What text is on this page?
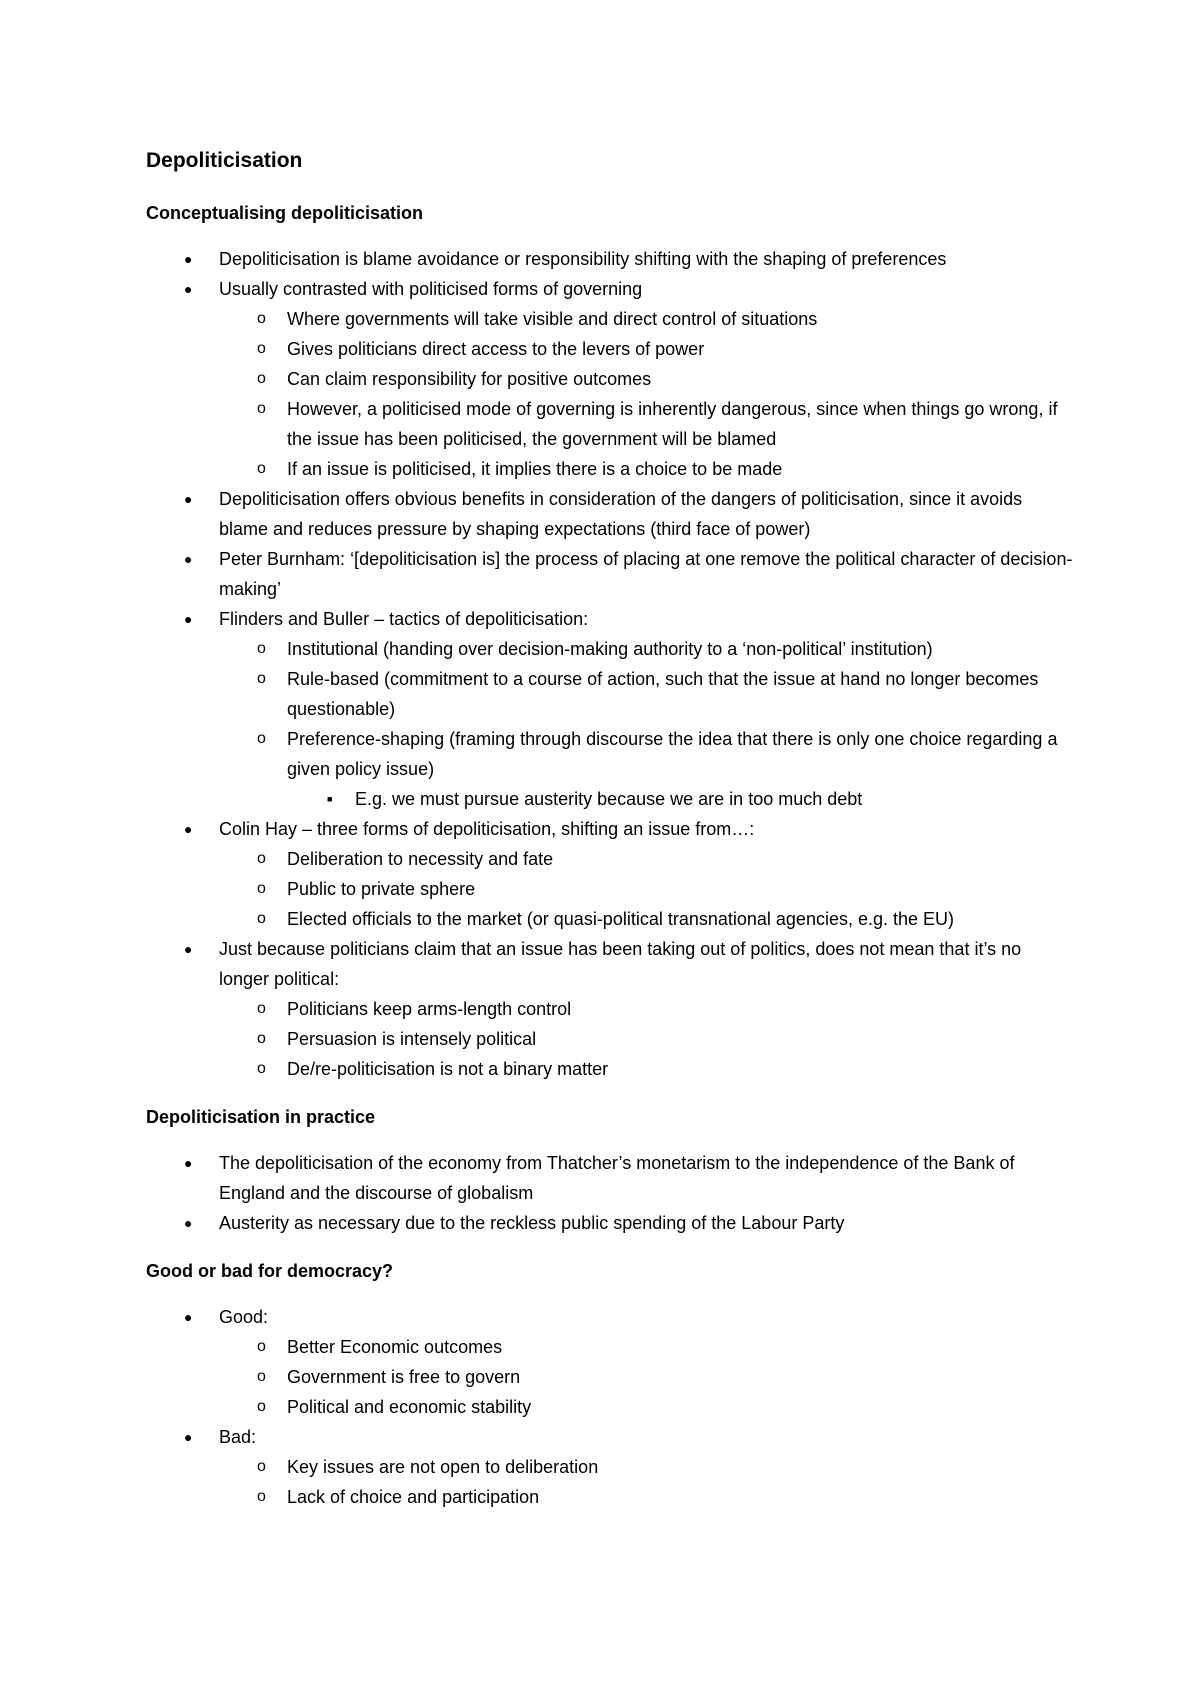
Depoliticisation
Conceptualising depoliticisation
● Depoliticisation is blame avoidance or responsibility shifting with the shaping of preferences
● Usually contrasted with politicised forms of governing
o Where governments will take visible and direct control of situations
o Gives politicians direct access to the levers of power
o Can claim responsibility for positive outcomes
o However, a politicised mode of governing is inherently dangerous, since when things go wrong, if the issue has been politicised, the government will be blamed
o If an issue is politicised, it implies there is a choice to be made
● Depoliticisation offers obvious benefits in consideration of the dangers of politicisation, since it avoids blame and reduces pressure by shaping expectations (third face of power)
● Peter Burnham: ‘[depoliticisation is] the process of placing at one remove the political character of decision-making’
● Flinders and Buller – tactics of depoliticisation:
o Institutional (handing over decision-making authority to a ‘non-political’ institution)
o Rule-based (commitment to a course of action, such that the issue at hand no longer becomes questionable)
o Preference-shaping (framing through discourse the idea that there is only one choice regarding a given policy issue)
■ E.g. we must pursue austerity because we are in too much debt
● Colin Hay – three forms of depoliticisation, shifting an issue from…:
o Deliberation to necessity and fate
o Public to private sphere
o Elected officials to the market (or quasi-political transnational agencies, e.g. the EU)
● Just because politicians claim that an issue has been taking out of politics, does not mean that it’s no longer political:
o Politicians keep arms-length control
o Persuasion is intensely political
o De/re-politicisation is not a binary matter
Depoliticisation in practice
● The depoliticisation of the economy from Thatcher’s monetarism to the independence of the Bank of England and the discourse of globalism
● Austerity as necessary due to the reckless public spending of the Labour Party
Good or bad for democracy?
● Good:
o Better Economic outcomes
o Government is free to govern
o Political and economic stability
● Bad:
o Key issues are not open to deliberation
o Lack of choice and participation
